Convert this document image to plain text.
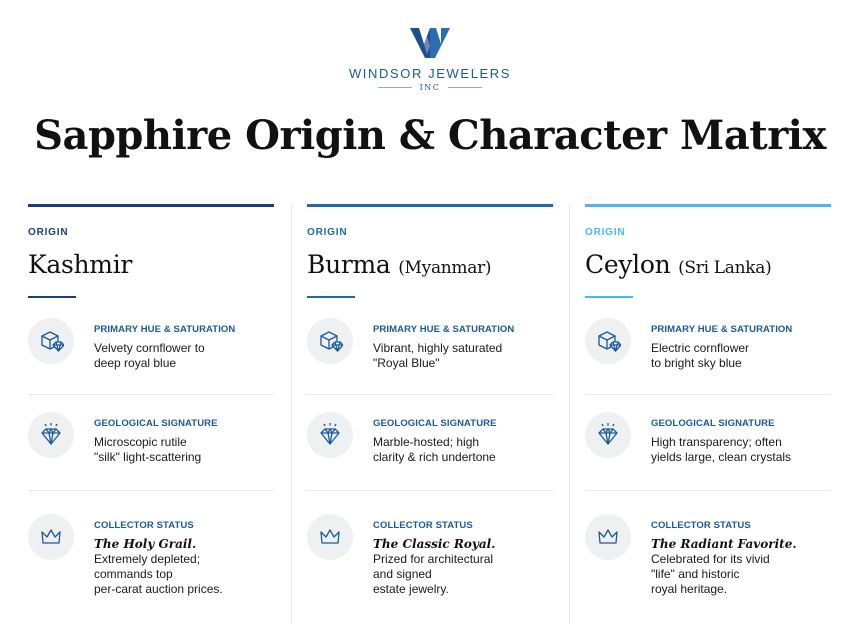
WINDSOR JEWELERS
INC
Sapphire Origin & Character Matrix
ORIGIN
Kashmir
PRIMARY HUE & SATURATION
Velvety cornflower to
deep royal blue
GEOLOGICAL SIGNATURE
Microscopic rutile
"silk" light-scattering
COLLECTOR STATUS
The Holy Grail.
Extremely depleted;
commands top
per-carat auction prices.
ORIGIN
Burma (Myanmar)
PRIMARY HUE & SATURATION
Vibrant, highly saturated
"Royal Blue"
GEOLOGICAL SIGNATURE
Marble-hosted; high
clarity & rich undertone
COLLECTOR STATUS
The Classic Royal.
Prized for architectural
and signed
estate jewelry.
ORIGIN
Ceylon (Sri Lanka)
PRIMARY HUE & SATURATION
Electric cornflower
to bright sky blue
GEOLOGICAL SIGNATURE
High transparency; often
yields large, clean crystals
COLLECTOR STATUS
The Radiant Favorite.
Celebrated for its vivid
"life" and historic
royal heritage.
